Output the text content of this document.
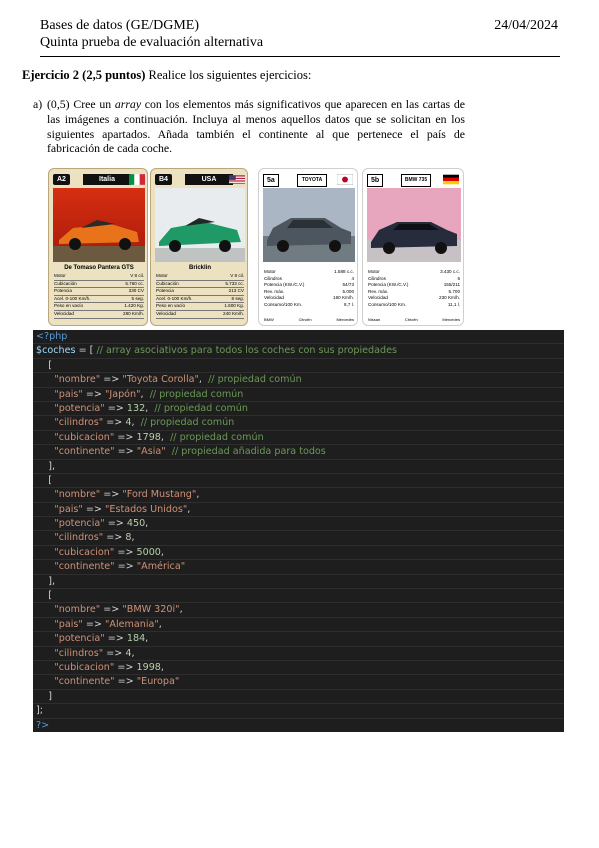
Bases de datos (GE/DGME)
Quinta prueba de evaluación alternativa
24/04/2024
Ejercicio 2 (2,5 puntos) Realice los siguientes ejercicios:
a) (0,5) Cree un array con los elementos más significativos que aparecen en las cartas de las imágenes a continuación. Incluya al menos aquellos datos que se solicitan en los siguientes apartados. Añada también el continente al que pertenece el país de fabricación de cada coche.
A2	Italia
De Tomaso Pantera GTS
Motor	V 8 cil.
Cubicación	5.760 cc.
Potencia	330 CV
Acel. 0-100 Km/h.	5 seg.
Peso en vacío	1.420 Kg.
Velocidad	280 Km/h.
B4	USA
Bricklin
Motor	V 8 cil.
Cubicación	5.733 cc.
Potencia	213 CV
Acel. 0-100 Km/h.	8 seg.
Peso en vacío	1.600 Kg.
Velocidad	240 Km/h.
5a	TOYOTA
Motor	1.588 c.c.
Cilindros	4
Potencia (KW./C.V.)	64/73
Rev. máx.	5.000
Velocidad	160 Km/h.
Consumo/100 Km.	8,7 l.
BMW	Citroën	Mercedes
5b	BMW 735
Motor	3.430 c.c.
Cilindros	6
Potencia (KW./C.V.)	155/211
Rev. máx.	5.700
Velocidad	230 Km/h.
Consumo/100 Km.	11,1 l.
Nissan	Citroën	Mercedes
<?php
$coches = [ // array asociativos para todos los coches con sus propiedades
[
"nombre" => "Toyota Corolla",  // propiedad común
"pais" => "Japón",  // propiedad común
"potencia" => 132,  // propiedad común
"cilindros" => 4,  // propiedad común
"cubicacion" => 1798,  // propiedad común
"continente" => "Asia" // propiedad añadida para todos
],
[
"nombre" => "Ford Mustang",
"pais" => "Estados Unidos",
"potencia" => 450,
"cilindros" => 8,
"cubicacion" => 5000,
"continente" => "América"
],
[
"nombre" => "BMW 320i",
"pais" => "Alemania",
"potencia" => 184,
"cilindros" => 4,
"cubicacion" => 1998,
"continente" => "Europa"
]
];
?>
